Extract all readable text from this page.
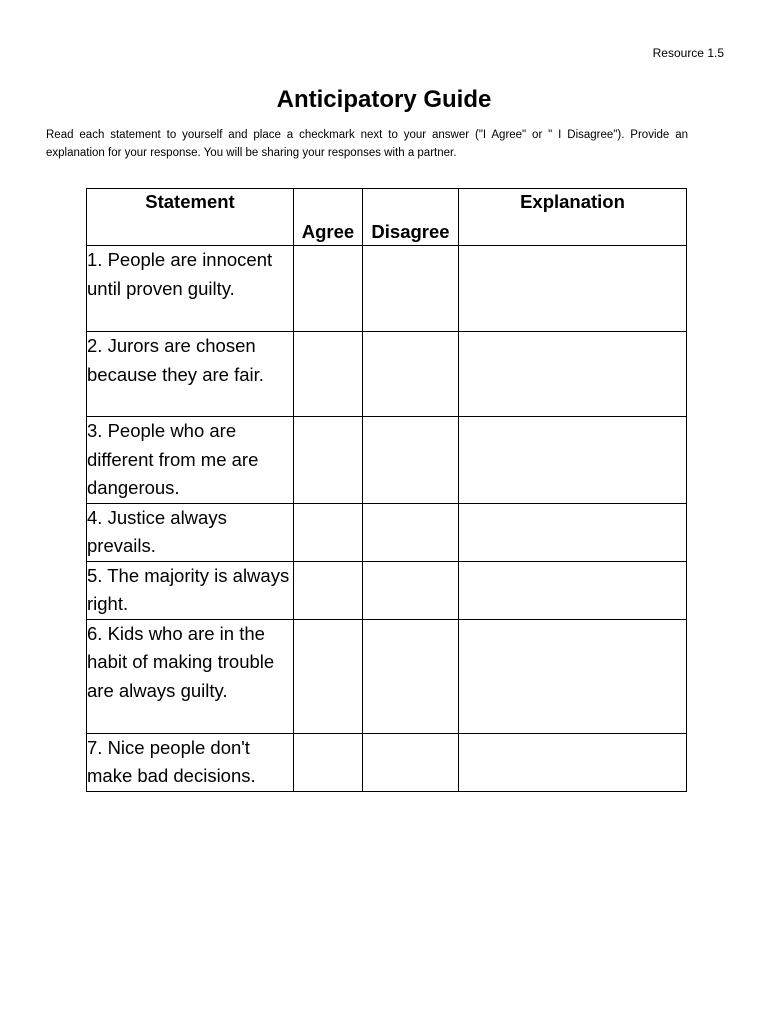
Resource 1.5
Anticipatory Guide

Read each statement to yourself and place a checkmark next to your answer ("I Agree" or " I Disagree"). Provide an explanation for your response. You will be sharing your responses with a partner.

Statement	Agree	Disagree	Explanation

1. People are innocent until proven guilty.			
2. Jurors are chosen because they are fair.			
3. People who are different from me are dangerous.			
4. Justice always prevails.			
5. The majority is always right.			
6. Kids who are in the habit of making trouble are always guilty.			
7. Nice people don't make bad decisions.			
